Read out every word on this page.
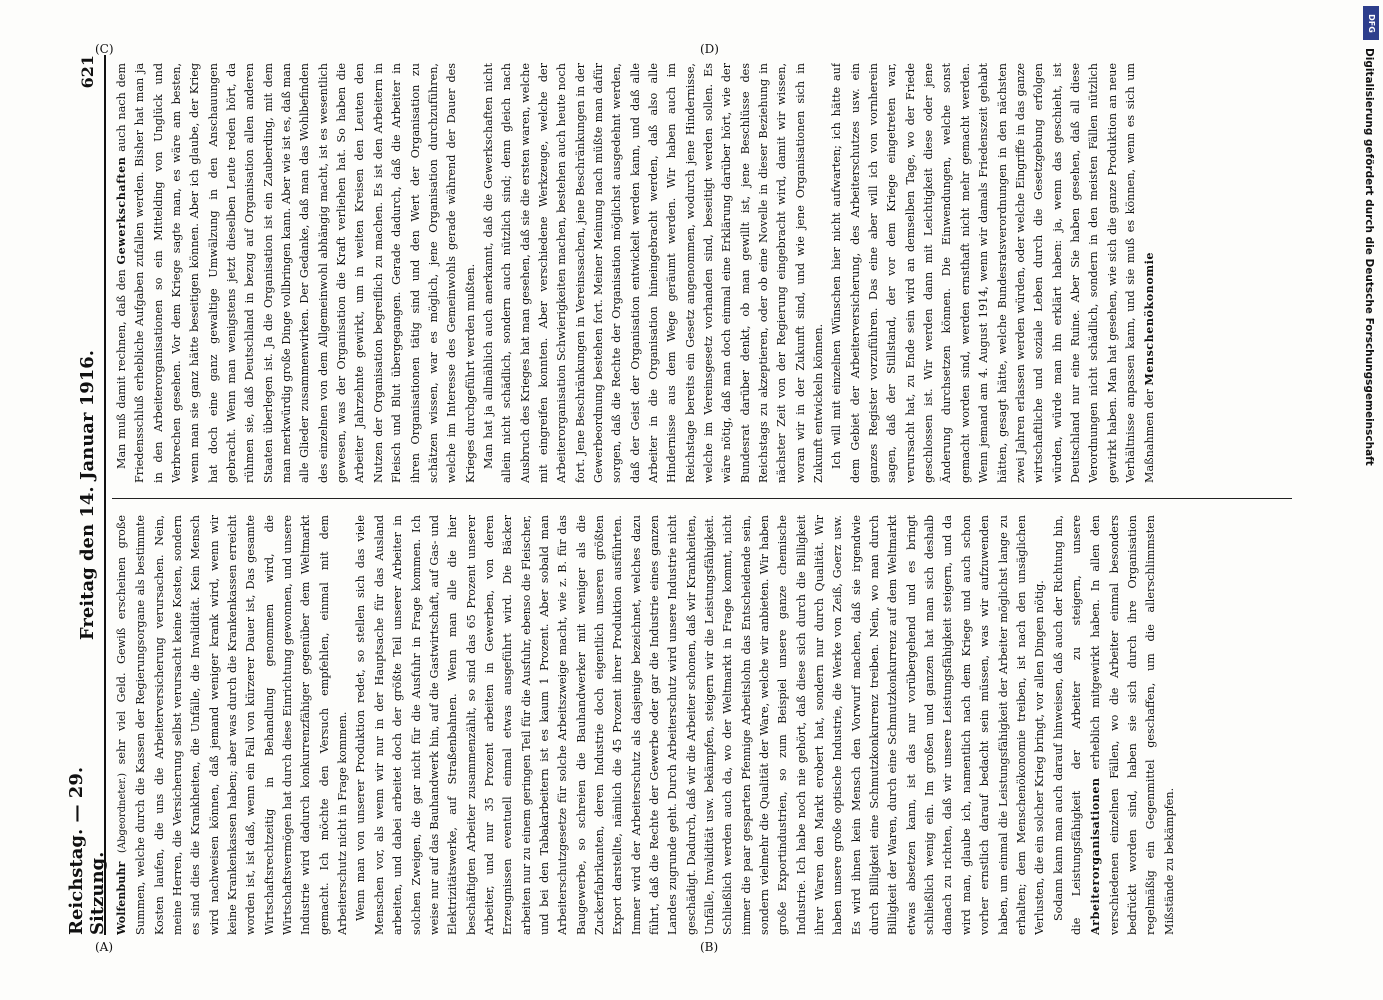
Reichstag. — 29. Sitzung.
Freitag den 14. Januar 1916.
621

Wolfenbuhr (Abgeordneter.) sehr viel Geld. Gewiß erscheinen große Summen, welche durch die Kassen der Regierungsorgane als bestimmte Kosten laufen, die uns die Arbeiterversicherung verursachen. Nein, meine Herren, die Versicherung selbst verursacht keine Kosten, sondern es sind dies die Krankheiten, die Unfälle, die Invalidität. Kein Mensch wird nachweisen können, daß jemand weniger krank wird, wenn wir keine Krankenkassen haben; aber was durch die Krankenkassen erreicht worden ist, ist daß, wenn ein Fall von kürzerer Dauer ist, Das gesamte Wirtschaftsrechtzeitig in Behandlung genommen wird, die Wirtschaftsvermögen hat durch diese Einrichtung gewonnen, und unsere Industrie wird dadurch konkurrenzfähiger gegenüber dem Weltmarkt gemacht. Ich möchte den Versuch empfehlen, einmal mit dem Arbeiterschutz nicht in Frage kommen. Wenn man von unserer Produktion redet, so stellen sich das viele Menschen vor, als wenn wir nur in der Hauptsache für das Ausland arbeiten, und dabei arbeitet doch der größte Teil unserer Arbeiter in solchen Zweigen, die gar nicht für die Ausfuhr in Frage kommen. Ich weise nur auf das Bauhandwerk hin, auf die Gastwirtschaft, auf Gas- und Elektrizitätswerke, auf Straßenbahnen. Wenn man alle die hier beschäftigten Arbeiter zusammenzählt, so sind das 65 Prozent unserer Arbeiter, und nur 35 Prozent arbeiten in Gewerben, von deren Erzeugnissen eventuell einmal etwas ausgeführt wird. Die Bäcker arbeiten nur zu einem geringen Teil für die Ausfuhr, ebenso die Fleischer, und bei den Tabakarbeitern ist es kaum 1 Prozent. Aber sobald man Arbeiterschutzgesetze für solche Arbeitszweige macht, wie z. B. für das Baugewerbe, so schreien die Bauhandwerker mit weniger als die Zuckerfabrikanten, deren Industrie doch eigentlich unseren größten Export darstellte, nämlich die 45 Prozent ihrer Produktion ausführten. Immer wird der Arbeiterschutz als dasjenige bezeichnet, welches dazu führt, daß die Rechte der Gewerbe oder gar die Industrie eines ganzen Landes zugrunde geht. Durch Arbeiterschutz wird unsere Industrie nicht geschädigt. Dadurch, daß wir die Arbeiter schonen, daß wir Krankheiten, Unfälle, Invalidität usw. bekämpfen, steigern wir die Leistungsfähigkeit. Schließlich werden auch da, wo der Weltmarkt in Frage kommt, nicht immer die paar gesparten Pfennige Arbeitslohn das Entscheidende sein, sondern vielmehr die Qualität der Ware, welche wir anbieten. Wir haben große Exportindustrien, so zum Beispiel unsere ganze chemische Industrie. Ich habe noch nie gehört, daß diese sich durch die Billigkeit ihrer Waren den Markt erobert hat, sondern nur durch Qualität. Wir haben unsere große optische Industrie, die Werke von Zeiß, Goerz usw. Es wird ihnen kein Mensch den Vorwurf machen, daß sie irgendwie durch Billigkeit eine Schmutzkonkurrenz treiben. Nein, wo man durch Billigkeit der Waren, durch eine Schmutzkonkurrenz auf dem Weltmarkt etwas absetzen kann, ist das nur vorübergehend und es bringt schließlich wenig ein. Im großen und ganzen hat man sich deshalb danach zu richten, daß wir unsere Leistungsfähigkeit steigern, und da wird man, glaube ich, namentlich nach dem Kriege und auch schon vorher ernstlich darauf bedacht sein müssen, was wir aufzuwenden haben, um einmal die Leistungsfähigkeit der Arbeiter möglichst lange zu erhalten; dem Menschenökonomie treiben, ist nach den unsäglichen Verlusten, die ein solcher Krieg bringt, vor allen Dingen nötig. Sodann kann man auch darauf hinweisen, daß auch der Richtung hin, die Leistungsfähigkeit der Arbeiter zu steigern, unsere Arbeiterorganisationen erheblich mitgewirkt haben. In allen den verschiedenen einzelnen Fällen, wo die Arbeiter einmal besonders bedrückt worden sind, haben sie sich durch ihre Organisation regelmäßig ein Gegenmittel geschaffen, um die allerschlimmsten Mißstände zu bekämpfen.

Man muß damit rechnen, daß den Gewerkschaften auch nach dem Friedensschluß erhebliche Aufgaben zufallen werden. Bisher hat man ja in den Arbeiterorganisationen so ein Mittelding von Unglück und Verbrechen gesehen. Vor dem Kriege sagte man, es wäre am besten, wenn man sie ganz hätte beseitigen können. Aber ich glaube, der Krieg hat doch eine ganz gewaltige Umwälzung in den Anschauungen gebracht. Wenn man wenigstens jetzt dieselben Leute reden hört, da rühmen sie, daß Deutschland in bezug auf Organisation allen anderen Staaten überlegen ist. Ja die Organisation ist ein Zauberding, mit dem man merkwürdig große Dinge vollbringen kann. Aber wie ist es, daß man alle Glieder zusammenwirken. Der Gedanke, daß man das Wohlbefinden des einzelnen von dem Allgemeinwohl abhängig macht, ist es wesentlich gewesen, was der Organisation die Kraft verliehen hat. So haben die Arbeiter Jahrzehnte gewirkt, um in weiten Kreisen den Leuten den Nutzen der Organisation begreiflich zu machen. Es ist den Arbeitern in Fleisch und Blut übergegangen. Gerade dadurch, daß die Arbeiter in ihren Organisationen tätig sind und den Wert der Organisation zu schätzen wissen, war es möglich, jene Organisation durchzuführen, welche im Interesse des Gemeinwohls gerade während der Dauer des Krieges durchgeführt werden mußten. Man hat ja allmählich auch anerkannt, daß die Gewerkschaften nicht allein nicht schädlich, sondern auch nützlich sind; denn gleich nach Ausbruch des Krieges hat man gesehen, daß sie die ersten waren, welche mit eingreifen konnten. Aber verschiedene Werkzeuge, welche der Arbeiterorganisation Schwierigkeiten machen, bestehen auch heute noch fort. Jene Beschränkungen in Vereinssachen, jene Beschränkungen in der Gewerbeordnung bestehen fort. Meiner Meinung nach müßte man dafür sorgen, daß die Rechte der Organisation möglichst ausgedehnt werden, daß der Geist der Organisation entwickelt werden kann, und daß alle Arbeiter in die Organisation hineingebracht werden, daß also alle Hindernisse aus dem Wege geräumt werden. Wir haben auch im Reichstage bereits ein Gesetz angenommen, wodurch jene Hindernisse, welche im Vereinsgesetz vorhanden sind, beseitigt werden sollen. Es wäre nötig, daß man doch einmal eine Erklärung darüber hört, wie der Bundesrat darüber denkt, ob man gewillt ist, jene Beschlüsse des Reichstags zu akzeptieren, oder ob eine Novelle in dieser Beziehung in nächster Zeit von der Regierung eingebracht wird, damit wir wissen, woran wir in der Zukunft sind, und wie jene Organisationen sich in Zukunft entwickeln können. Ich will mit einzelnen Wünschen hier nicht aufwarten; ich hätte auf dem Gebiet der Arbeiterversicherung, des Arbeiterschutzes usw. ein ganzes Register vorzuführen. Das eine aber will ich von vornherein sagen, daß der Stillstand, der vor dem Kriege eingetreten war, verursacht hat, zu Ende sein wird an demselben Tage, wo der Friede geschlossen ist. Wir werden dann mit Leichtigkeit diese oder jene Änderung durchsetzen können. Die Einwendungen, welche sonst gemacht worden sind, werden ernsthaft nicht mehr gemacht werden. Wenn jemand am 4. August 1914, wenn wir damals Friedenszeit gehabt hätten, gesagt hätte, welche Bundesratsverordnungen in den nächsten zwei Jahren erlassen werden würden, oder welche Eingriffe in das ganze wirtschaftliche und soziale Leben durch die Gesetzgebung erfolgen würden, würde man ihn erklärt haben: ja, wenn das geschieht, ist Deutschland nur eine Ruine. Aber Sie haben gesehen, daß all diese Verordnungen nicht schädlich, sondern in den meisten Fällen nützlich gewirkt haben. Man hat gesehen, wie sich die ganze Produktion an neue Verhältnisse anpassen kann, und sie muß es können, wenn es sich um Maßnahmen der Menschenökonomie

(A)	(B)
(C)	(D)
DFG
Digitalisierung gefördert durch die Deutsche Forschungsgemeinschaft
